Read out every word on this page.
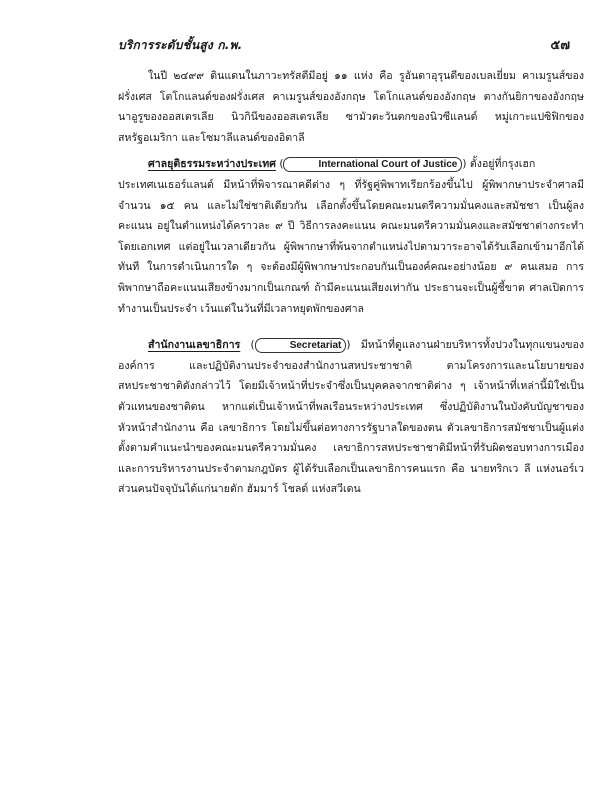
บริการระดับชั้นสูง ก.พ.	๕๗

ในปี ๒๔๙๙ ดินแดนในภาวะทรัสตีมีอยู่ ๑๑ แห่ง คือ รูอันดาอุรุนดีของเบลเยี่ยม คาเมรูนส์ของฝรั่งเศส โตโกแลนด์ของฝรั่งเศส คาเมรูนส์ของอังกฤษ โตโกแลนด์ของอังกฤษ ตางกันยิกาของอังกฤษ นาอูรูของออสเตรเลีย นิวกินีของออสเตรเลีย ซามัวตะวันตกของนิวซีแลนด์ หมู่เกาะแปซิฟิกของสหรัฐอเมริกา และโซมาลีแลนด์ของอิตาลี

ศาลยุติธรรมระหว่างประเทศ (	International Court of Justice ) ตั้งอยู่ที่กรุงเฮก

ประเทศเนเธอร์แลนด์ มีหน้าที่พิจารณาคดีต่าง ๆ ที่รัฐคู่พิพาทเรียกร้องขึ้นไป ผู้พิพากษาประจำศาลมีจำนวน ๑๕ คน และไม่ใช่ชาติเดียวกัน เลือกตั้งขึ้นโดยคณะมนตรีความมั่นคงและสมัชชา เป็นผู้ลงคะแนน อยู่ในตำแหน่งได้คราวละ ๙ ปี วิธีการลงคะแนน คณะมนตรีความมั่นคงและสมัชชาต่างกระทำโดยเอกเทศ แต่อยู่ในเวลาเดียวกัน ผู้พิพากษาที่พ้นจากตำแหน่งไปตามวาระอาจได้รับเลือกเข้ามาอีกได้ทันที ในการดำเนินการใด ๆ จะต้องมีผู้พิพากษาประกอบกันเป็นองค์คณะอย่างน้อย ๙ คนเสมอ การพิพากษาถือคะแนนเสียงข้างมากเป็นเกณฑ์ ถ้ามีคะแนนเสียงเท่ากัน ประธานจะเป็นผู้ชี้ขาด ศาลเปิดการทำงานเป็นประจำ เว้นแต่ในวันที่มีเวลาหยุดพักของศาล

สำนักงานเลขาธิการ (	Secretariat ) มีหน้าที่ดูแลงานฝ่ายบริหารทั้งปวงในทุกแขนงขององค์การ และปฏิบัติงานประจำของสำนักงานสหประชาชาติ ตามโครงการและนโยบายของสหประชาชาติดังกล่าวไว้ โดยมีเจ้าหน้าที่ประจำซึ่งเป็นบุคคลจากชาติต่าง ๆ เจ้าหน้าที่เหล่านี้มิใช่เป็นตัวแทนของชาติตน หากแต่เป็นเจ้าหน้าที่พลเรือนระหว่างประเทศ ซึ่งปฏิบัติงานในบังคับบัญชาของหัวหน้าสำนักงาน คือ เลขาธิการ โดยไม่ขึ้นต่อทางการรัฐบาลใดของตน ตัวเลขาธิการสมัชชาเป็นผู้แต่งตั้งตามคำแนะนำของคณะมนตรีความมั่นคง เลขาธิการสหประชาชาติมีหน้าที่รับผิดชอบทางการเมืองและการบริหารงานประจำตามกฎบัตร ผู้ได้รับเลือกเป็นเลขาธิการคนแรก คือ นายทริกเว ลี แห่งนอร์เว ส่วนคนปัจจุบันได้แก่นายดัก ฮัมมาร์ โชลด์ แห่งสวีเดน
